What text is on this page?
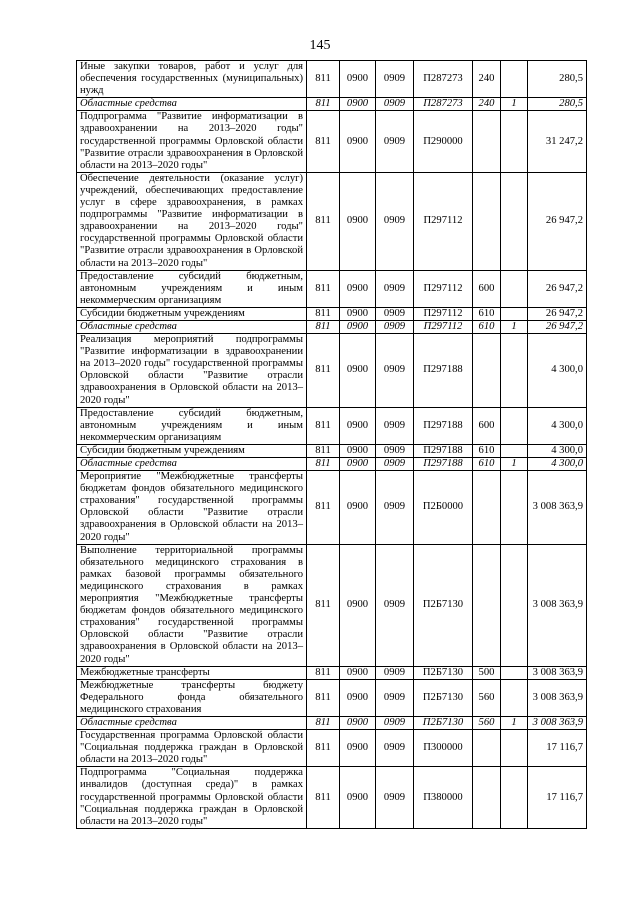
145
Иные закупки товаров, работ и услуг для обеспечения государственных (муниципальных) нужд	811	0900	0909	П287273	240		280,5
Областные средства	811	0900	0909	П287273	240	1	280,5
Подпрограмма "Развитие информатизации в здравоохранении на 2013–2020 годы" государственной программы Орловской области "Развитие отрасли здравоохранения в Орловской области на 2013–2020 годы"	811	0900	0909	П290000			31 247,2
Обеспечение деятельности (оказание услуг) учреждений, обеспечивающих предоставление услуг в сфере здравоохранения, в рамках подпрограммы "Развитие информатизации в здравоохранении на 2013–2020 годы" государственной программы Орловской области "Развитие отрасли здравоохранения в Орловской области на 2013–2020 годы"	811	0900	0909	П297112			26 947,2
Предоставление субсидий бюджетным, автономным учреждениям и иным некоммерческим организациям	811	0900	0909	П297112	600		26 947,2
Субсидии бюджетным учреждениям	811	0900	0909	П297112	610		26 947,2
Областные средства	811	0900	0909	П297112	610	1	26 947,2
Реализация мероприятий подпрограммы "Развитие информатизации в здравоохранении на 2013–2020 годы" государственной программы Орловской области "Развитие отрасли здравоохранения в Орловской области на 2013–2020 годы"	811	0900	0909	П297188			4 300,0
Предоставление субсидий бюджетным, автономным учреждениям и иным некоммерческим организациям	811	0900	0909	П297188	600		4 300,0
Субсидии бюджетным учреждениям	811	0900	0909	П297188	610		4 300,0
Областные средства	811	0900	0909	П297188	610	1	4 300,0
Мероприятие "Межбюджетные трансферты бюджетам фондов обязательного медицинского страхования" государственной программы Орловской области "Развитие отрасли здравоохранения в Орловской области на 2013–2020 годы"	811	0900	0909	П2Б0000			3 008 363,9
Выполнение территориальной программы обязательного медицинского страхования в рамках базовой программы обязательного медицинского страхования в рамках мероприятия "Межбюджетные трансферты бюджетам фондов обязательного медицинского страхования" государственной программы Орловской области "Развитие отрасли здравоохранения в Орловской области на 2013–2020 годы"	811	0900	0909	П2Б7130			3 008 363,9
Межбюджетные трансферты	811	0900	0909	П2Б7130	500		3 008 363,9
Межбюджетные трансферты бюджету Федерального фонда обязательного медицинского страхования	811	0900	0909	П2Б7130	560		3 008 363,9
Областные средства	811	0900	0909	П2Б7130	560	1	3 008 363,9
Государственная программа Орловской области "Социальная поддержка граждан в Орловской области на 2013–2020 годы"	811	0900	0909	П300000			17 116,7
Подпрограмма "Социальная поддержка инвалидов (доступная среда)" в рамках государственной программы Орловской области "Социальная поддержка граждан в Орловской области на 2013–2020 годы"	811	0900	0909	П380000			17 116,7
